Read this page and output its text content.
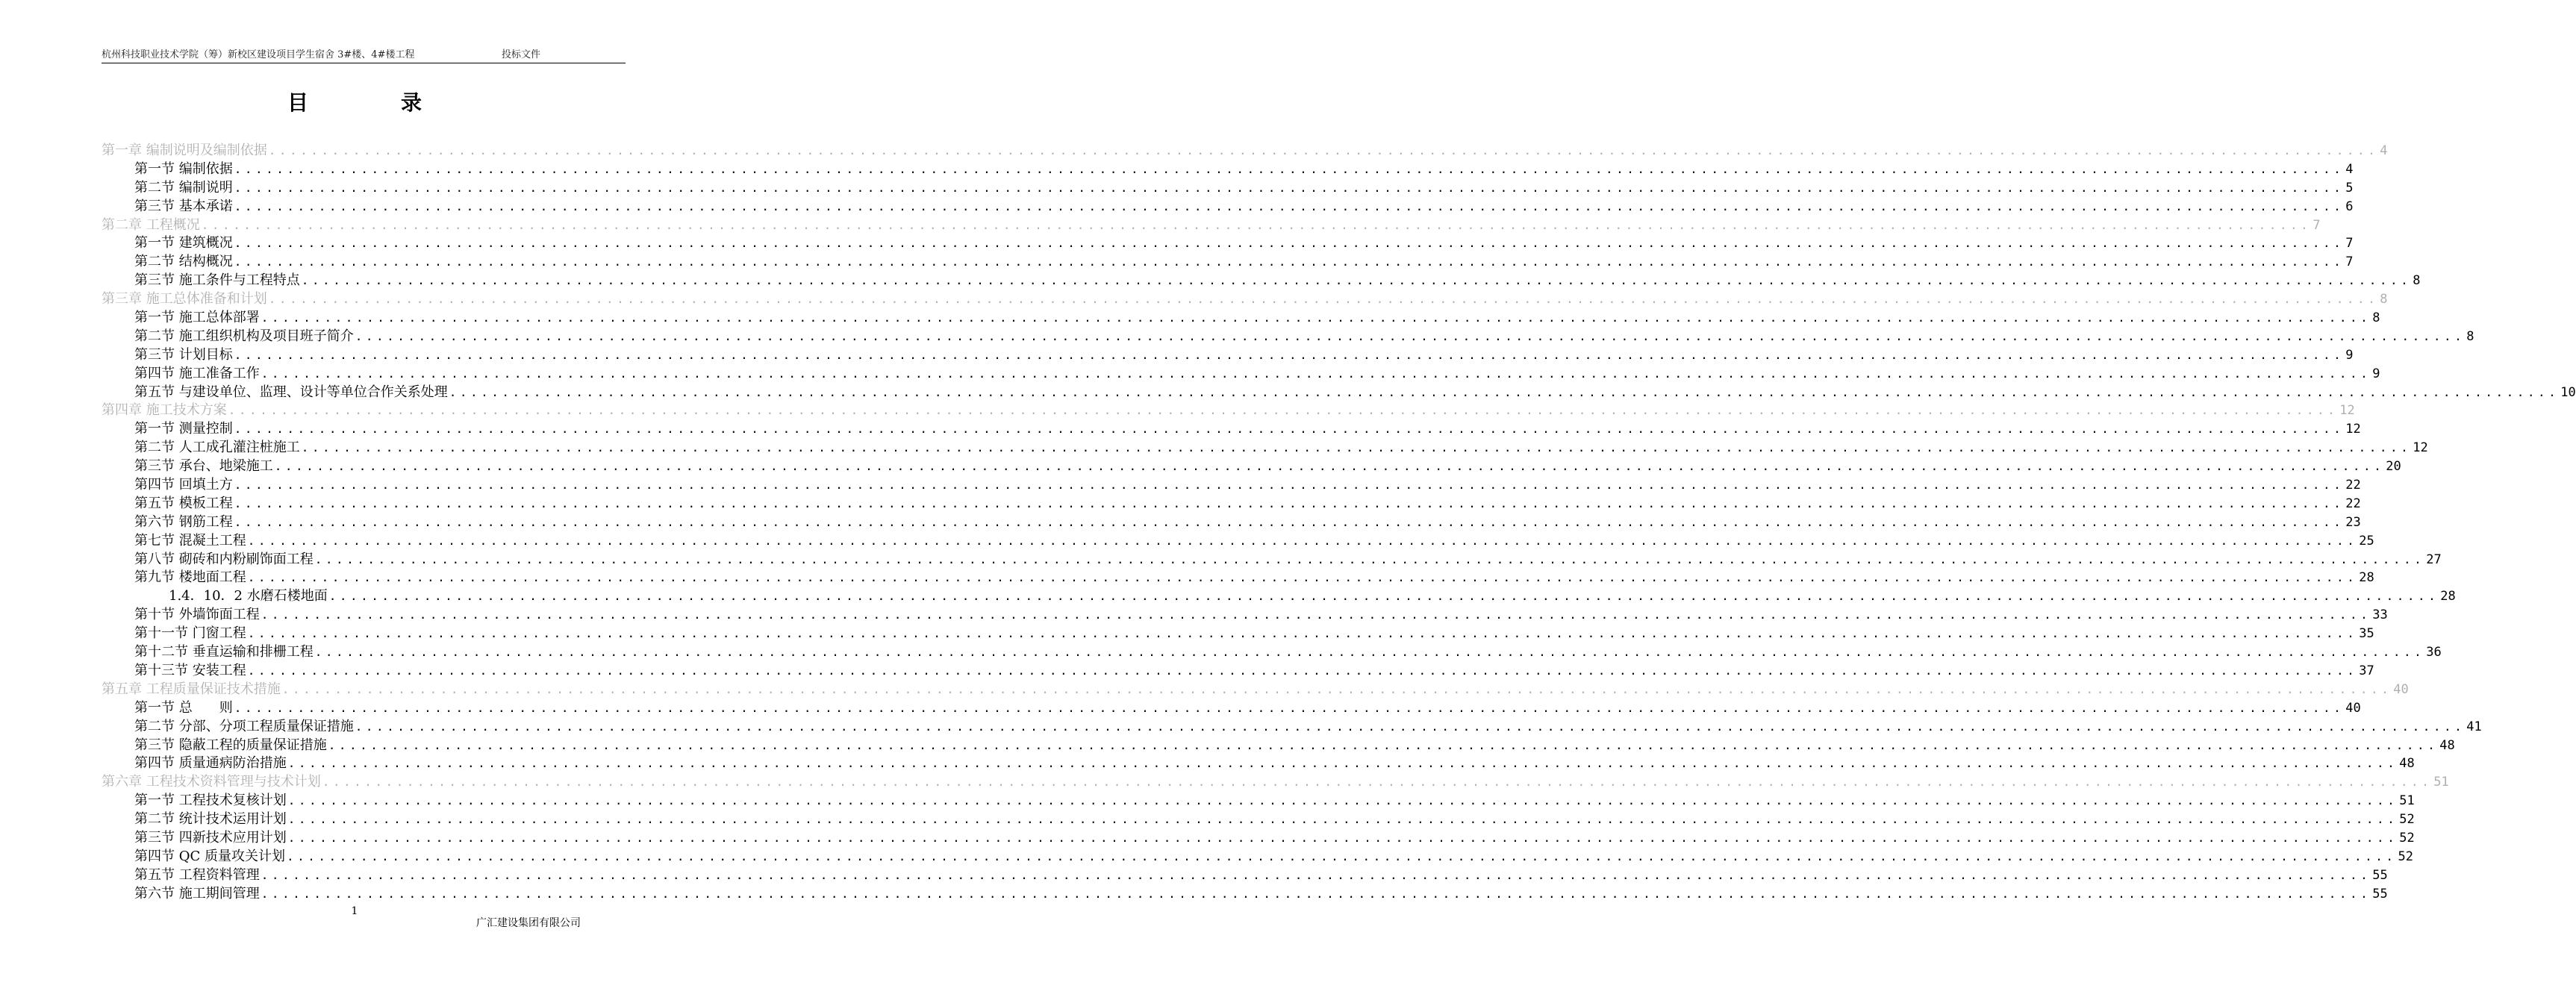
杭州科技职业技术学院（筹）新校区建设项目学生宿舍 3#楼、4#楼工程	投标文件
目　录
第一章 编制说明及编制依据 ........................................................................................................................................................................................................ 4
第一节 编制依据 ........................................................................................................................................................................................................ 4
第二节 编制说明 ........................................................................................................................................................................................................ 5
第三节 基本承诺 ........................................................................................................................................................................................................ 6
第二章 工程概况 ........................................................................................................................................................................................................ 7
第一节 建筑概况 ........................................................................................................................................................................................................ 7
第二节 结构概况 ........................................................................................................................................................................................................ 7
第三节 施工条件与工程特点 ........................................................................................................................................................................................................ 8
第三章 施工总体准备和计划 ........................................................................................................................................................................................................ 8
第一节 施工总体部署 ........................................................................................................................................................................................................ 8
第二节 施工组织机构及项目班子简介 ........................................................................................................................................................................................................ 8
第三节 计划目标 ........................................................................................................................................................................................................ 9
第四节 施工准备工作 ........................................................................................................................................................................................................ 9
第五节 与建设单位、监理、设计等单位合作关系处理 ........................................................................................................................................................................................................ 10
第四章 施工技术方案 ........................................................................................................................................................................................................ 12
第一节 测量控制 ........................................................................................................................................................................................................ 12
第二节 人工成孔灌注桩施工 ........................................................................................................................................................................................................ 12
第三节 承台、地梁施工 ........................................................................................................................................................................................................ 20
第四节 回填土方 ........................................................................................................................................................................................................ 22
第五节 模板工程 ........................................................................................................................................................................................................ 22
第六节 钢筋工程 ........................................................................................................................................................................................................ 23
第七节 混凝土工程 ........................................................................................................................................................................................................ 25
第八节 砌砖和内粉刷饰面工程 ........................................................................................................................................................................................................ 27
第九节 楼地面工程 ........................................................................................................................................................................................................ 28
1.4．10．2 水磨石楼地面 ........................................................................................................................................................................................................ 28
第十节 外墙饰面工程 ........................................................................................................................................................................................................ 33
第十一节 门窗工程 ........................................................................................................................................................................................................ 35
第十二节 垂直运输和排栅工程 ........................................................................................................................................................................................................ 36
第十三节 安装工程 ........................................................................................................................................................................................................ 37
第五章 工程质量保证技术措施 ........................................................................................................................................................................................................ 40
第一节 总　　则 ........................................................................................................................................................................................................ 40
第二节 分部、分项工程质量保证措施 ........................................................................................................................................................................................................ 41
第三节 隐蔽工程的质量保证措施 ........................................................................................................................................................................................................ 48
第四节 质量通病防治措施 ........................................................................................................................................................................................................ 48
第六章 工程技术资料管理与技术计划 ........................................................................................................................................................................................................ 51
第一节 工程技术复核计划 ........................................................................................................................................................................................................ 51
第二节 统计技术运用计划 ........................................................................................................................................................................................................ 52
第三节 四新技术应用计划 ........................................................................................................................................................................................................ 52
第四节 QC 质量攻关计划 ........................................................................................................................................................................................................ 52
第五节 工程资料管理 ........................................................................................................................................................................................................ 55
第六节 施工期间管理 ........................................................................................................................................................................................................ 55
1
广汇建设集团有限公司
